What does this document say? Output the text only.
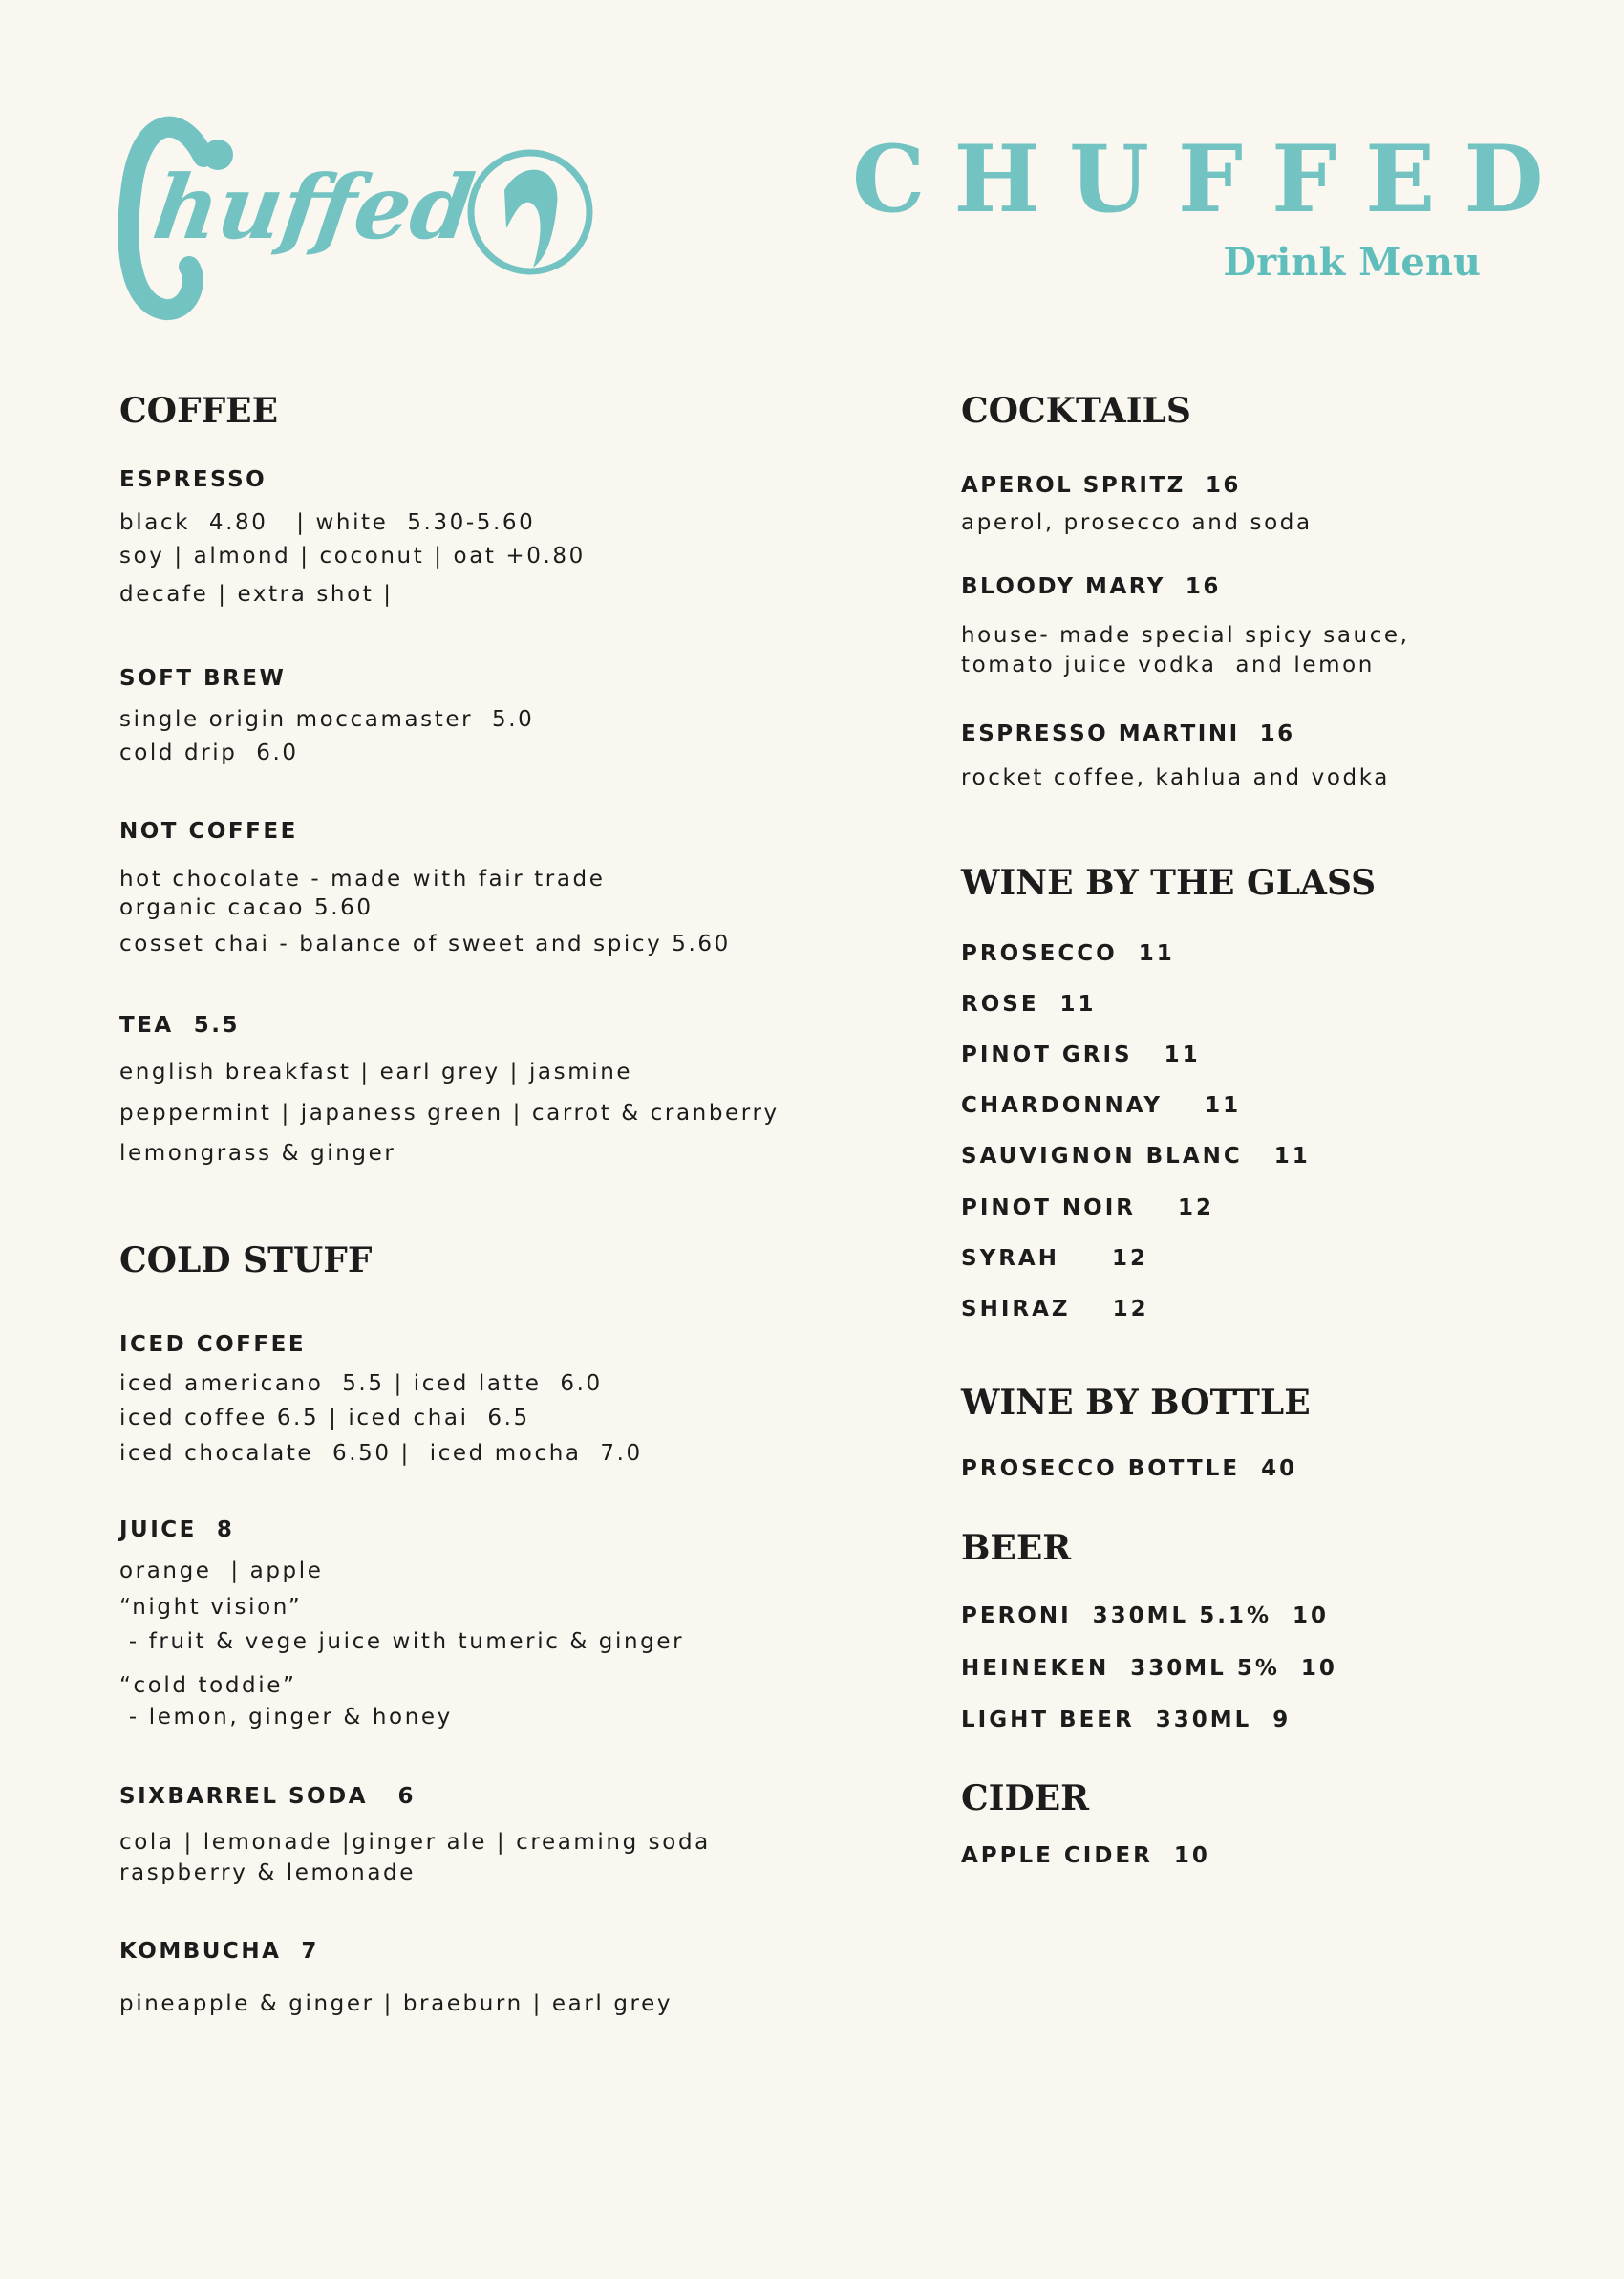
huffed	CHUFFED
Drink Menu
COFFEE
ESPRESSO
black  4.80   | white  5.30-5.60
soy | almond | coconut | oat +0.80
decafe | extra shot |
SOFT BREW
single origin moccamaster  5.0
cold drip  6.0
NOT COFFEE
hot chocolate - made with fair trade
organic cacao 5.60
cosset chai - balance of sweet and spicy 5.60
TEA  5.5
english breakfast | earl grey | jasmine
peppermint | japaness green | carrot & cranberry
lemongrass & ginger
COLD STUFF
ICED COFFEE
iced americano  5.5 | iced latte  6.0
iced coffee 6.5 | iced chai  6.5
iced chocalate  6.50 |  iced mocha  7.0
JUICE  8
orange  | apple
“night vision”
- fruit & vege juice with tumeric & ginger
“cold toddie”
- lemon, ginger & honey
SIXBARREL SODA   6
cola | lemonade |ginger ale | creaming soda
raspberry & lemonade
KOMBUCHA  7
pineapple & ginger | braeburn | earl grey
COCKTAILS
APEROL SPRITZ  16
aperol, prosecco and soda
BLOODY MARY  16
house- made special spicy sauce,
tomato juice vodka  and lemon
ESPRESSO MARTINI  16
rocket coffee, kahlua and vodka
WINE BY THE GLASS
PROSECCO  11
ROSE  11
PINOT GRIS   11
CHARDONNAY    11
SAUVIGNON BLANC   11
PINOT NOIR    12
SYRAH     12
SHIRAZ    12
WINE BY BOTTLE
PROSECCO BOTTLE  40
BEER
PERONI  330ML 5.1%  10
HEINEKEN  330ML 5%  10
LIGHT BEER  330ML  9
CIDER
APPLE CIDER  10
